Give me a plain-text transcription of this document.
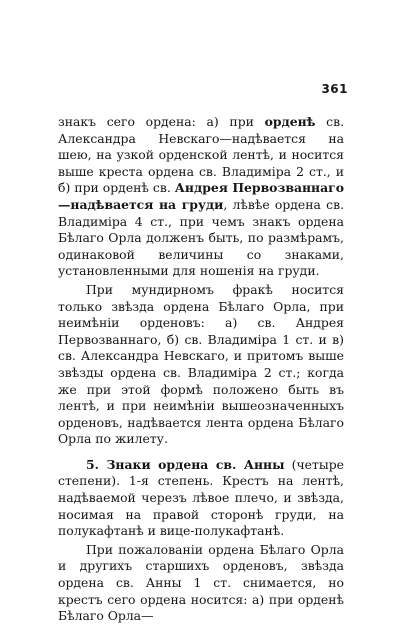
361

знакъ сего ордена: а) при орденѣ св. Александра Невскаго—надѣвается на шею, на узкой орденской лентѣ, и носится выше креста ордена св. Владиміра 2 ст., и б) при орденѣ св. Андрея Первозваннаго—надѣвается на груди, лѣвѣе ордена св. Владиміра 4 ст., при чемъ знакъ ордена Бѣлаго Орла долженъ быть, по размѣрамъ, одинаковой величины со знаками, установленными для ношенія на груди.

При мундирномъ фракѣ носится только звѣзда ордена Бѣлаго Орла, при неимѣніи орденовъ: а) св. Андрея Первозваннаго, б) св. Владиміра 1 ст. и в) св. Александра Невскаго, и притомъ выше звѣзды ордена св. Владиміра 2 ст.; когда же при этой формѣ положено быть въ лентѣ, и при неимѣніи вышеозначенныхъ орденовъ, надѣвается лента ордена Бѣлаго Орла по жилету.

5. Знаки ордена св. Анны (четыре степени). 1-я степень. Крестъ на лентѣ, надѣваемой черезъ лѣвое плечо, и звѣзда, носимая на правой сторонѣ груди, на полукафтанѣ и вице-полукафтанѣ.

При пожалованіи ордена Бѣлаго Орла и другихъ старшихъ орденовъ, звѣзда ордена св. Анны 1 ст. снимается, но крестъ сего ордена носится: а) при орденѣ Бѣлаго Орла—
